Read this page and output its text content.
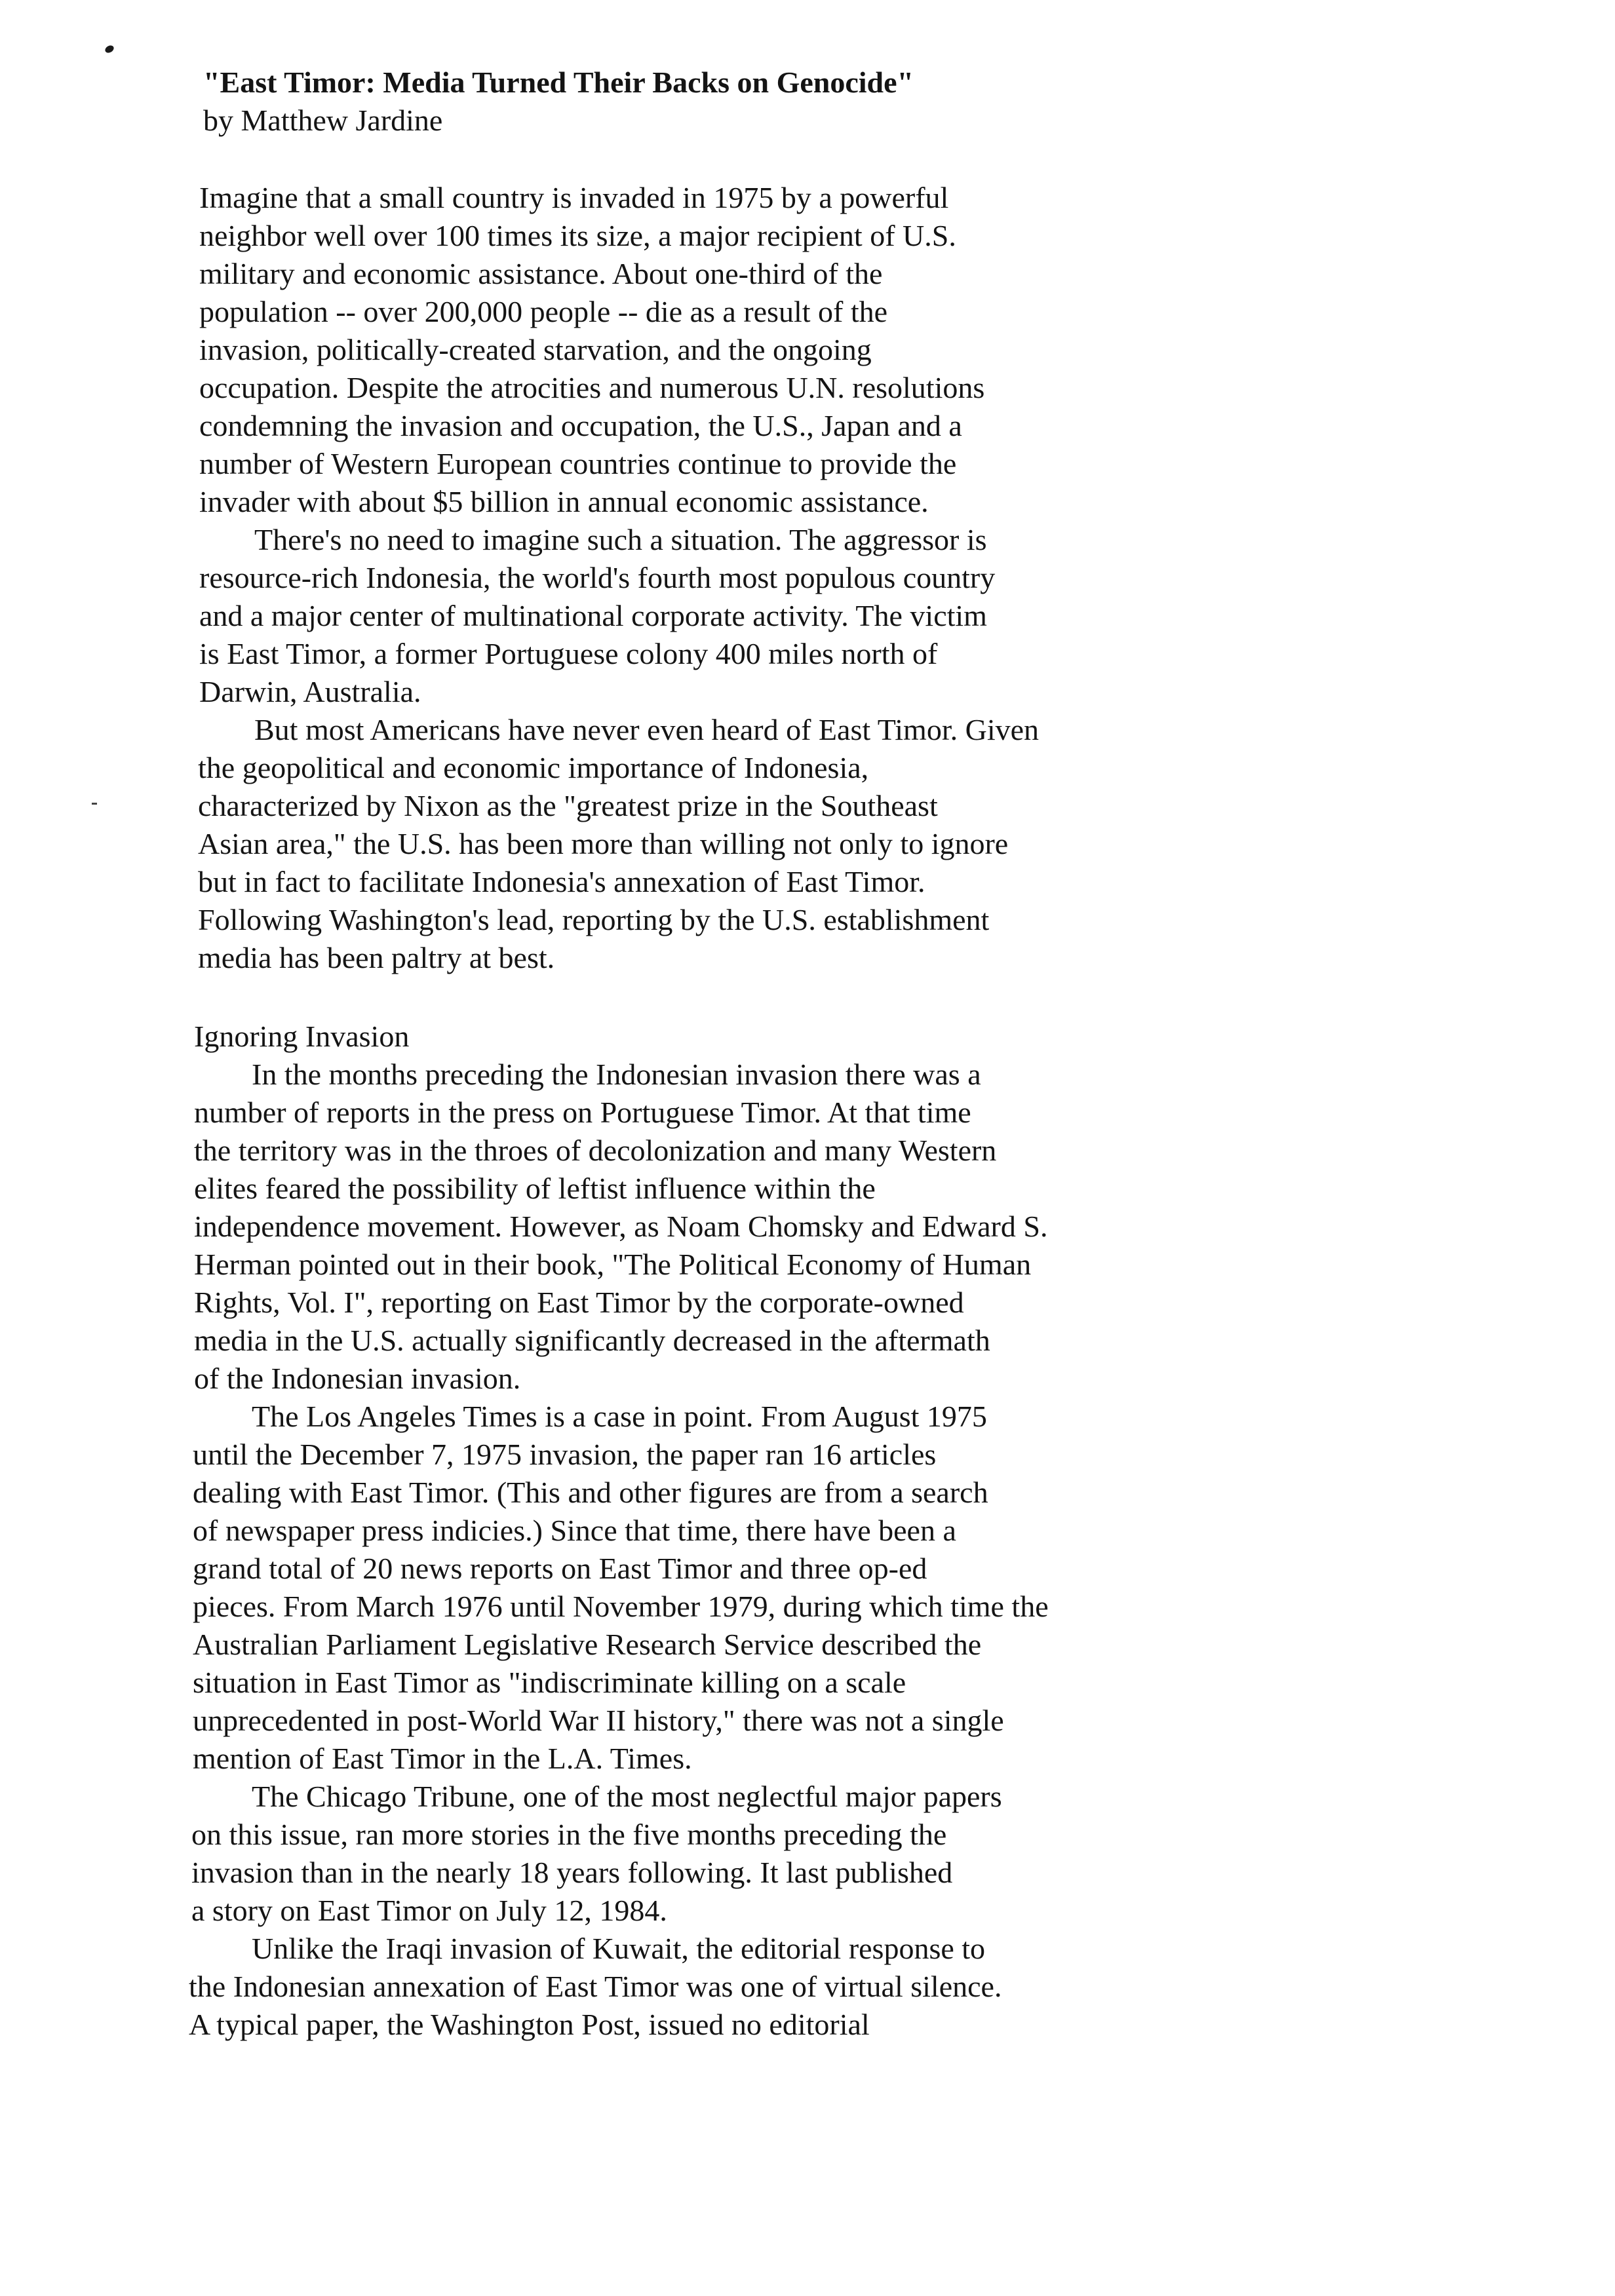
"East Timor: Media Turned Their Backs on Genocide"
by Matthew Jardine
Imagine that a small country is invaded in 1975 by a powerful
neighbor well over 100 times its size, a major recipient of U.S.
military and economic assistance. About one-third of the
population -- over 200,000 people -- die as a result of the
invasion, politically-created starvation, and the ongoing
occupation. Despite the atrocities and numerous U.N. resolutions
condemning the invasion and occupation, the U.S., Japan and a
number of Western European countries continue to provide the
invader with about $5 billion in annual economic assistance.
There's no need to imagine such a situation. The aggressor is
resource-rich Indonesia, the world's fourth most populous country
and a major center of multinational corporate activity. The victim
is East Timor, a former Portuguese colony 400 miles north of
Darwin, Australia.
But most Americans have never even heard of East Timor. Given
the geopolitical and economic importance of Indonesia,
characterized by Nixon as the "greatest prize in the Southeast
Asian area," the U.S. has been more than willing not only to ignore
but in fact to facilitate Indonesia's annexation of East Timor.
Following Washington's lead, reporting by the U.S. establishment
media has been paltry at best.
Ignoring Invasion
In the months preceding the Indonesian invasion there was a
number of reports in the press on Portuguese Timor. At that time
the territory was in the throes of decolonization and many Western
elites feared the possibility of leftist influence within the
independence movement. However, as Noam Chomsky and Edward S.
Herman pointed out in their book, "The Political Economy of Human
Rights, Vol. I", reporting on East Timor by the corporate-owned
media in the U.S. actually significantly decreased in the aftermath
of the Indonesian invasion.
The Los Angeles Times is a case in point. From August 1975
until the December 7, 1975 invasion, the paper ran 16 articles
dealing with East Timor. (This and other figures are from a search
of newspaper press indicies.) Since that time, there have been a
grand total of 20 news reports on East Timor and three op-ed
pieces. From March 1976 until November 1979, during which time the
Australian Parliament Legislative Research Service described the
situation in East Timor as "indiscriminate killing on a scale
unprecedented in post-World War II history," there was not a single
mention of East Timor in the L.A. Times.
The Chicago Tribune, one of the most neglectful major papers
on this issue, ran more stories in the five months preceding the
invasion than in the nearly 18 years following. It last published
a story on East Timor on July 12, 1984.
Unlike the Iraqi invasion of Kuwait, the editorial response to
the Indonesian annexation of East Timor was one of virtual silence.
A typical paper, the Washington Post, issued no editorial
